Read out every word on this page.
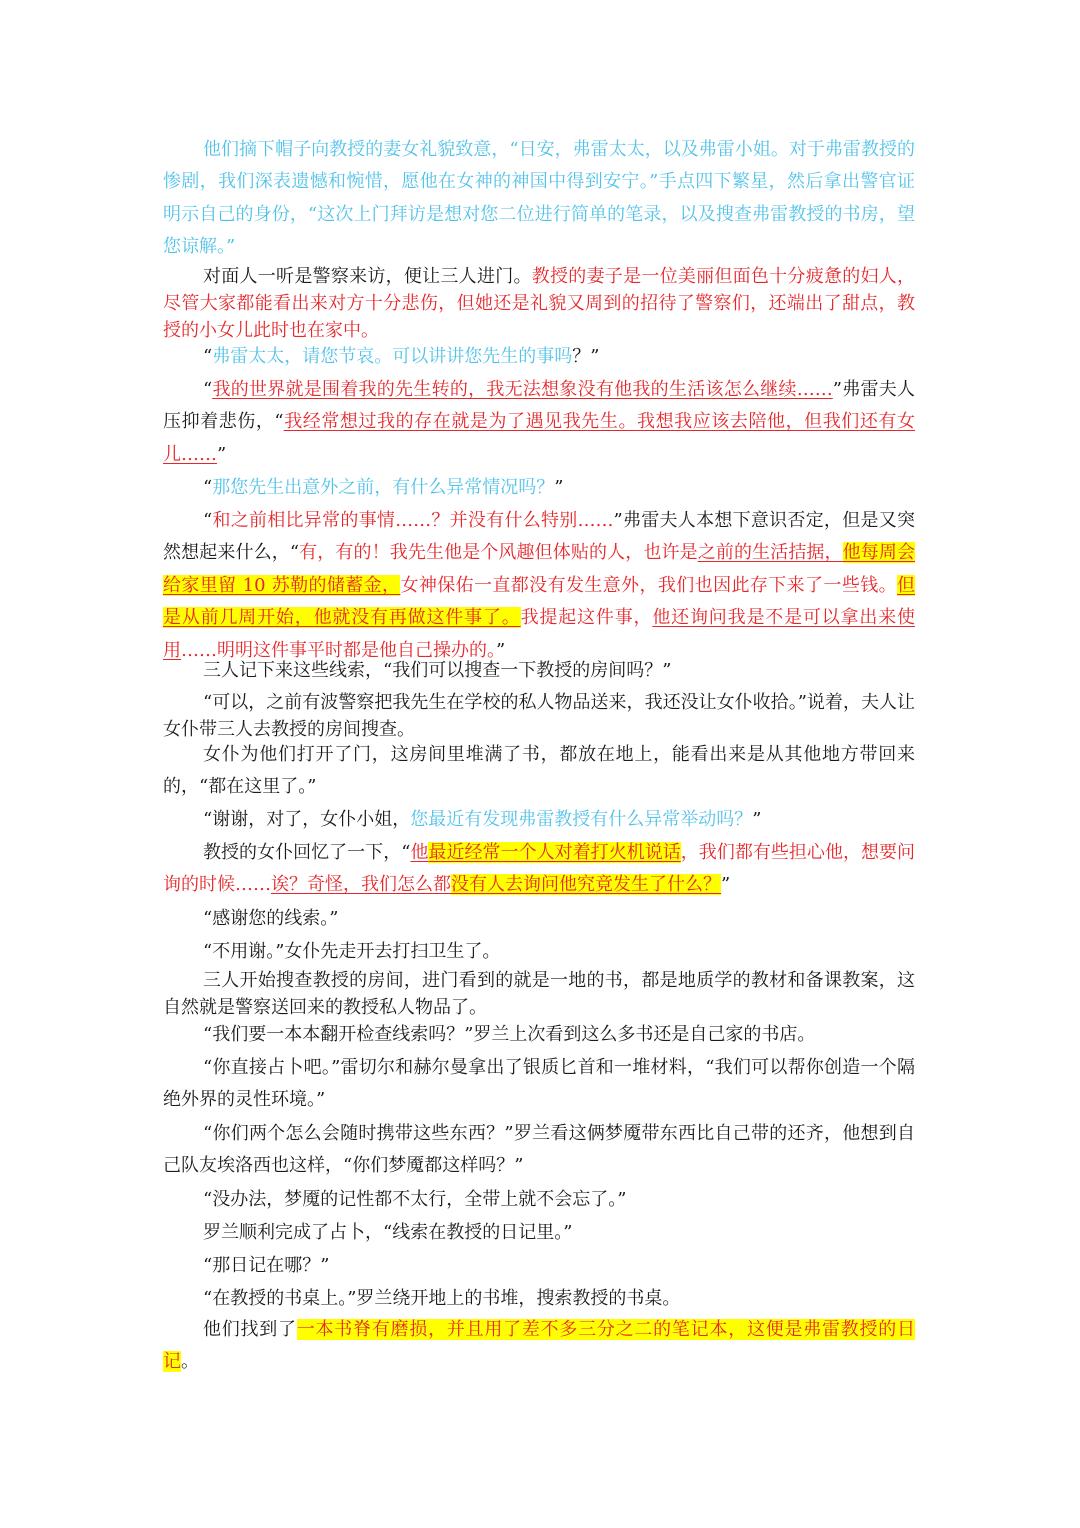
他们摘下帽子向教授的妻女礼貌致意，“日安，弗雷太太，以及弗雷小姐。对于弗雷教授的惨剧，我们深表遗憾和惋惜，愿他在女神的神国中得到安宁。”手点四下繁星，然后拿出警官证明示自己的身份，“这次上门拜访是想对您二位进行简单的笔录，以及搜查弗雷教授的书房，望您谅解。”

对面人一听是警察来访，便让三人进门。教授的妻子是一位美丽但面色十分疲惫的妇人，尽管大家都能看出来对方十分悲伤，但她还是礼貌又周到的招待了警察们，还端出了甜点，教授的小女儿此时也在家中。

“弗雷太太，请您节哀。可以讲讲您先生的事吗？”

“我的世界就是围着我的先生转的，我无法想象没有他我的生活该怎么继续……”弗雷夫人压抑着悲伤，“我经常想过我的存在就是为了遇见我先生。我想我应该去陪他，但我们还有女儿……”

“那您先生出意外之前，有什么异常情况吗？”

“和之前相比异常的事情……？并没有什么特别……”弗雷夫人本想下意识否定，但是又突然想起来什么，“有，有的！我先生他是个风趣但体贴的人，也许是之前的生活拮据，他每周会给家里留 10 苏勒的储蓄金，女神保佑一直都没有发生意外，我们也因此存下来了一些钱。但是从前几周开始，他就没有再做这件事了。我提起这件事，他还询问我是不是可以拿出来使用……明明这件事平时都是他自己操办的。”

三人记下来这些线索，“我们可以搜查一下教授的房间吗？”

“可以，之前有波警察把我先生在学校的私人物品送来，我还没让女仆收拾。”说着，夫人让女仆带三人去教授的房间搜查。

女仆为他们打开了门，这房间里堆满了书，都放在地上，能看出来是从其他地方带回来的，“都在这里了。”

“谢谢，对了，女仆小姐，您最近有发现弗雷教授有什么异常举动吗？”

教授的女仆回忆了一下，“他最近经常一个人对着打火机说话，我们都有些担心他，想要问询的时候……诶？奇怪，我们怎么都没有人去询问他究竟发生了什么？”

“感谢您的线索。”

“不用谢。”女仆先走开去打扫卫生了。

三人开始搜查教授的房间，进门看到的就是一地的书，都是地质学的教材和备课教案，这自然就是警察送回来的教授私人物品了。

“我们要一本本翻开检查线索吗？”罗兰上次看到这么多书还是自己家的书店。

“你直接占卜吧。”雷切尔和赫尔曼拿出了银质匕首和一堆材料，“我们可以帮你创造一个隔绝外界的灵性环境。”

“你们两个怎么会随时携带这些东西？”罗兰看这俩梦魇带东西比自己带的还齐，他想到自己队友埃洛西也这样，“你们梦魇都这样吗？”

“没办法，梦魇的记性都不太行，全带上就不会忘了。”

罗兰顺利完成了占卜，“线索在教授的日记里。”

“那日记在哪？”

“在教授的书桌上。”罗兰绕开地上的书堆，搜索教授的书桌。

他们找到了一本书脊有磨损，并且用了差不多三分之二的笔记本，这便是弗雷教授的日记。
